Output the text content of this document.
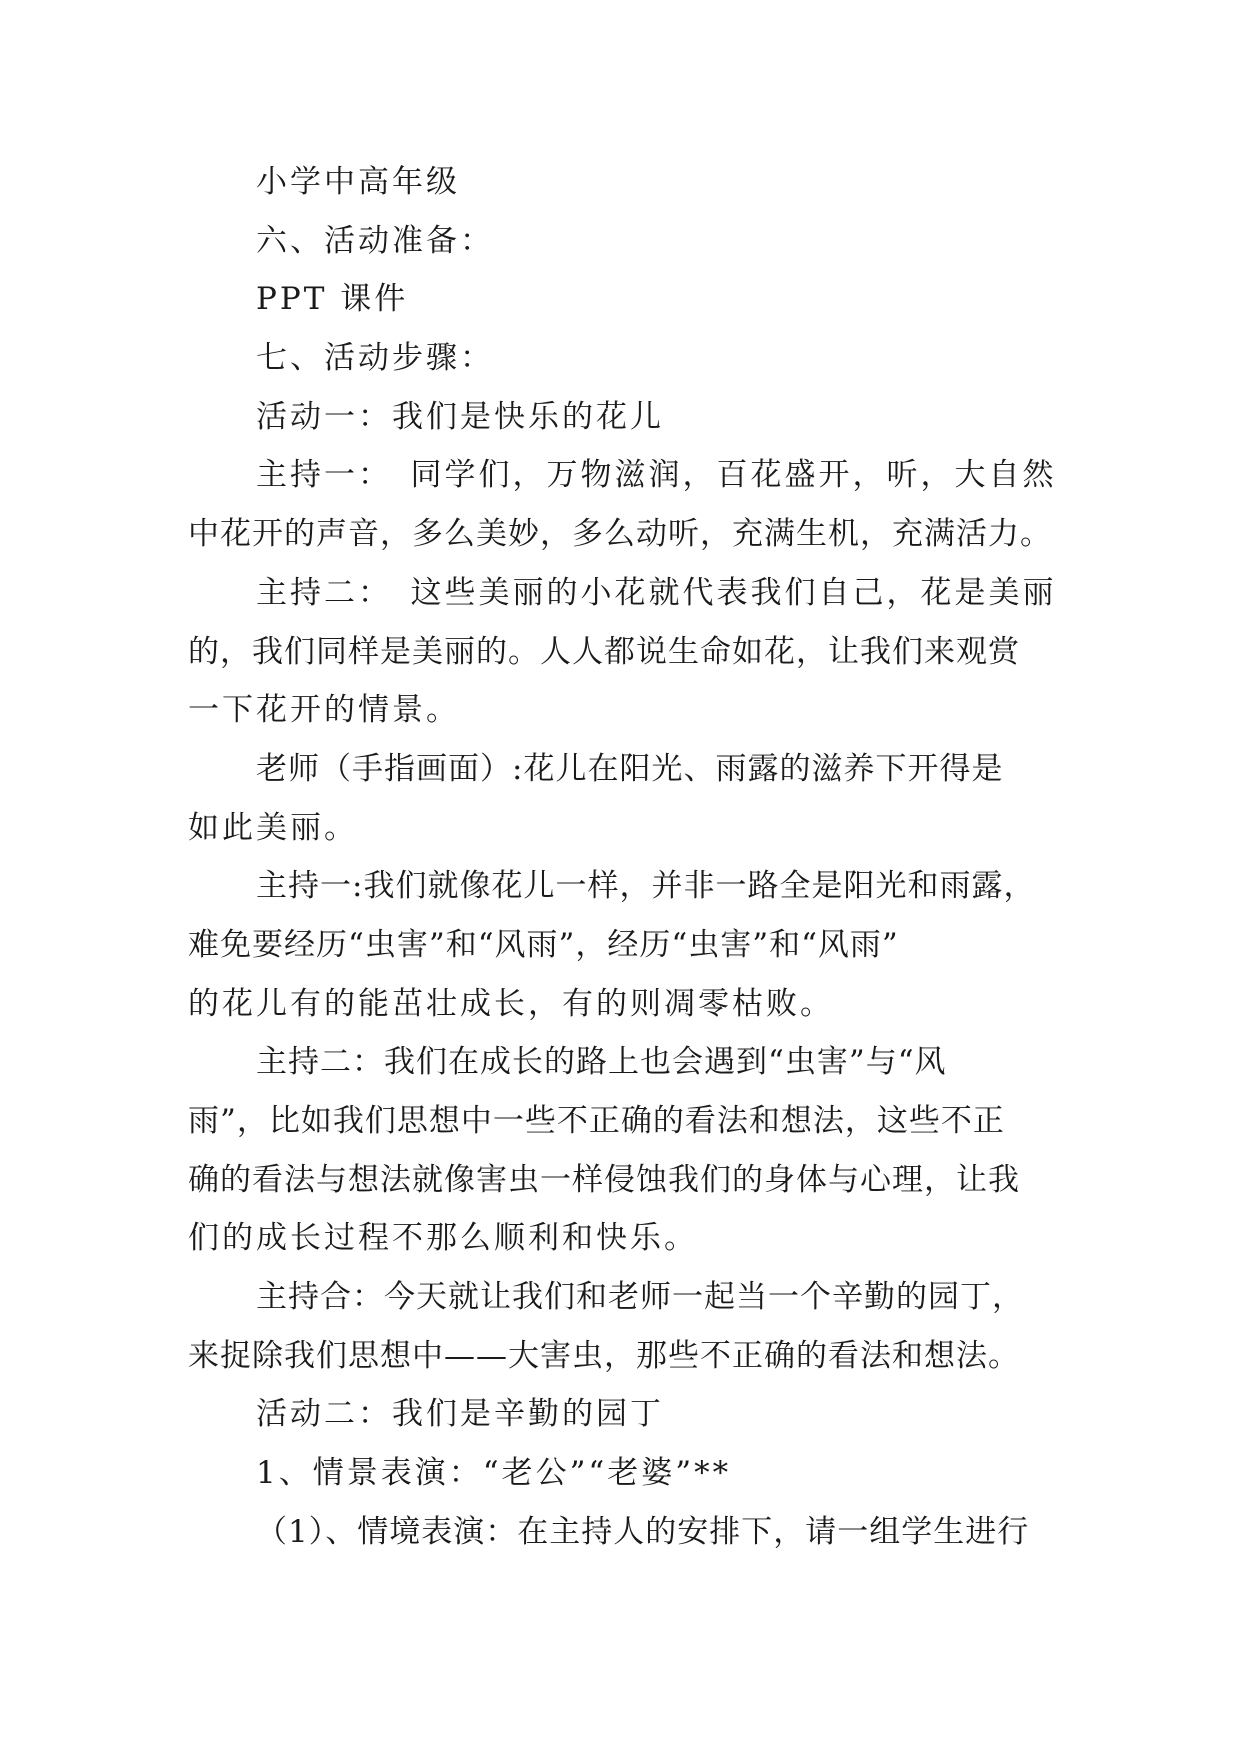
小学中高年级
六、活动准备：
PPT 课件
七、活动步骤：
活动一：我们是快乐的花儿
主持一：　同学们，万物滋润，百花盛开，听，大自然
中花开的声音，多么美妙，多么动听，充满生机，充满活力。
主持二：　这些美丽的小花就代表我们自己，花是美丽
的，我们同样是美丽的。人人都说生命如花，让我们来观赏
一下花开的情景。
老师（手指画面）:花儿在阳光、雨露的滋养下开得是
如此美丽。
主持一:我们就像花儿一样，并非一路全是阳光和雨露，
难免要经历“虫害”和“风雨”，经历“虫害”和“风雨”
的花儿有的能茁壮成长，有的则凋零枯败。
主持二：我们在成长的路上也会遇到“虫害”与“风
雨”，比如我们思想中一些不正确的看法和想法，这些不正
确的看法与想法就像害虫一样侵蚀我们的身体与心理，让我
们的成长过程不那么顺利和快乐。
主持合：今天就让我们和老师一起当一个辛勤的园丁，
来捉除我们思想中——大害虫，那些不正确的看法和想法。
活动二：我们是辛勤的园丁
1、情景表演：“老公”“老婆”**
（1）、情境表演：在主持人的安排下，请一组学生进行
